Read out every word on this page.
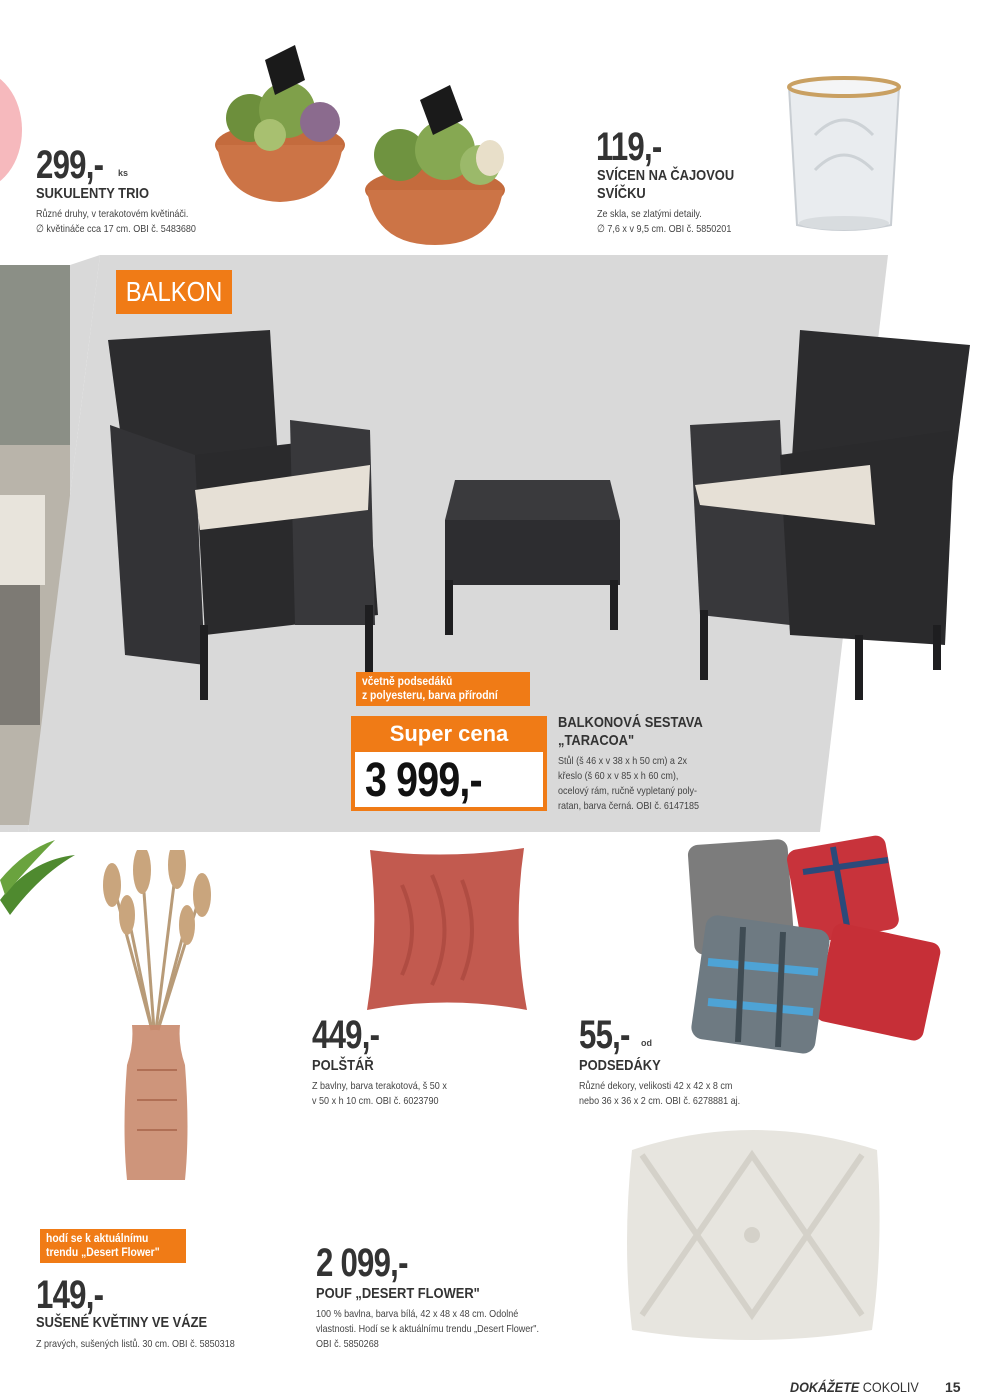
299,- ks
SUKULENTY TRIO
Různé druhy, v terakotovém květináči.
∅ květináče cca 17 cm. OBI č. 5483680
119,-
SVÍCEN NA ČAJOVOU
SVÍČKU
Ze skla, se zlatými detaily.
∅ 7,6 x v 9,5 cm. OBI č. 5850201
BALKON
včetně podsedáků
z polyesteru, barva přírodní
Super cena
3 999,-
BALKONOVÁ SESTAVA
„TARACOA"
Stůl (š 46 x v 38 x h 50 cm) a 2x
křeslo (š 60 x v 85 x h 60 cm),
ocelový rám, ručně vypletaný poly-
ratan, barva černá. OBI č. 6147185
449,-
POLŠTÁŘ
Z bavlny, barva terakotová, š 50 x
v 50 x h 10 cm. OBI č. 6023790
55,- od
PODSEDÁKY
Různé dekory, velikosti 42 x 42 x 8 cm
nebo 36 x 36 x 2 cm. OBI č. 6278881 aj.
hodí se k aktuálnímu
trendu „Desert Flower"
149,-
SUŠENÉ KVĚTINY VE VÁZE
Z pravých, sušených listů. 30 cm. OBI č. 5850318
2 099,-
POUF „DESERT FLOWER"
100 % bavlna, barva bílá, 42 x 48 x 48 cm. Odolné
vlastnosti. Hodí se k aktuálnímu trendu „Desert Flower".
OBI č. 5850268
DOKÁŽETE COKOLIV 15
